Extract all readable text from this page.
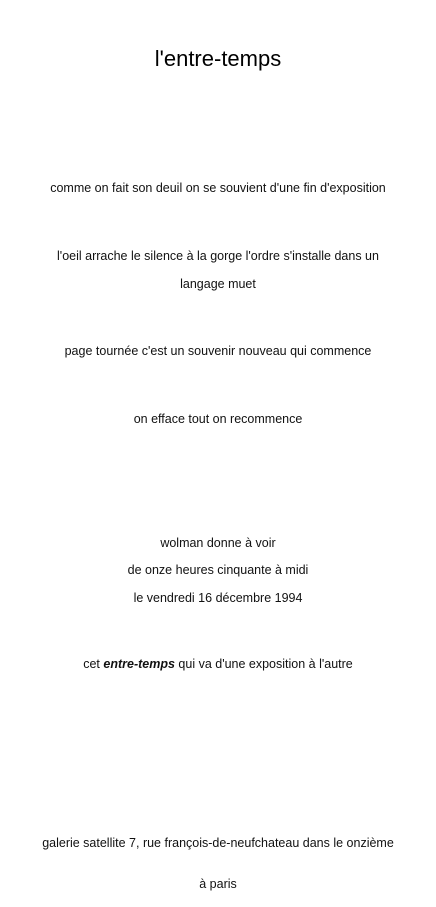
l'entre-temps
comme on fait son deuil on se souvient d'une fin d'exposition
l'oeil arrache le silence à la gorge l'ordre s'installe dans un
langage muet
page tournée c'est un souvenir nouveau qui commence
on efface tout on recommence
wolman donne à voir
de onze heures cinquante à midi
le vendredi 16 décembre 1994
cet entre-temps qui va d'une exposition à l'autre
galerie satellite 7, rue françois-de-neufchateau dans le onzième
à paris
